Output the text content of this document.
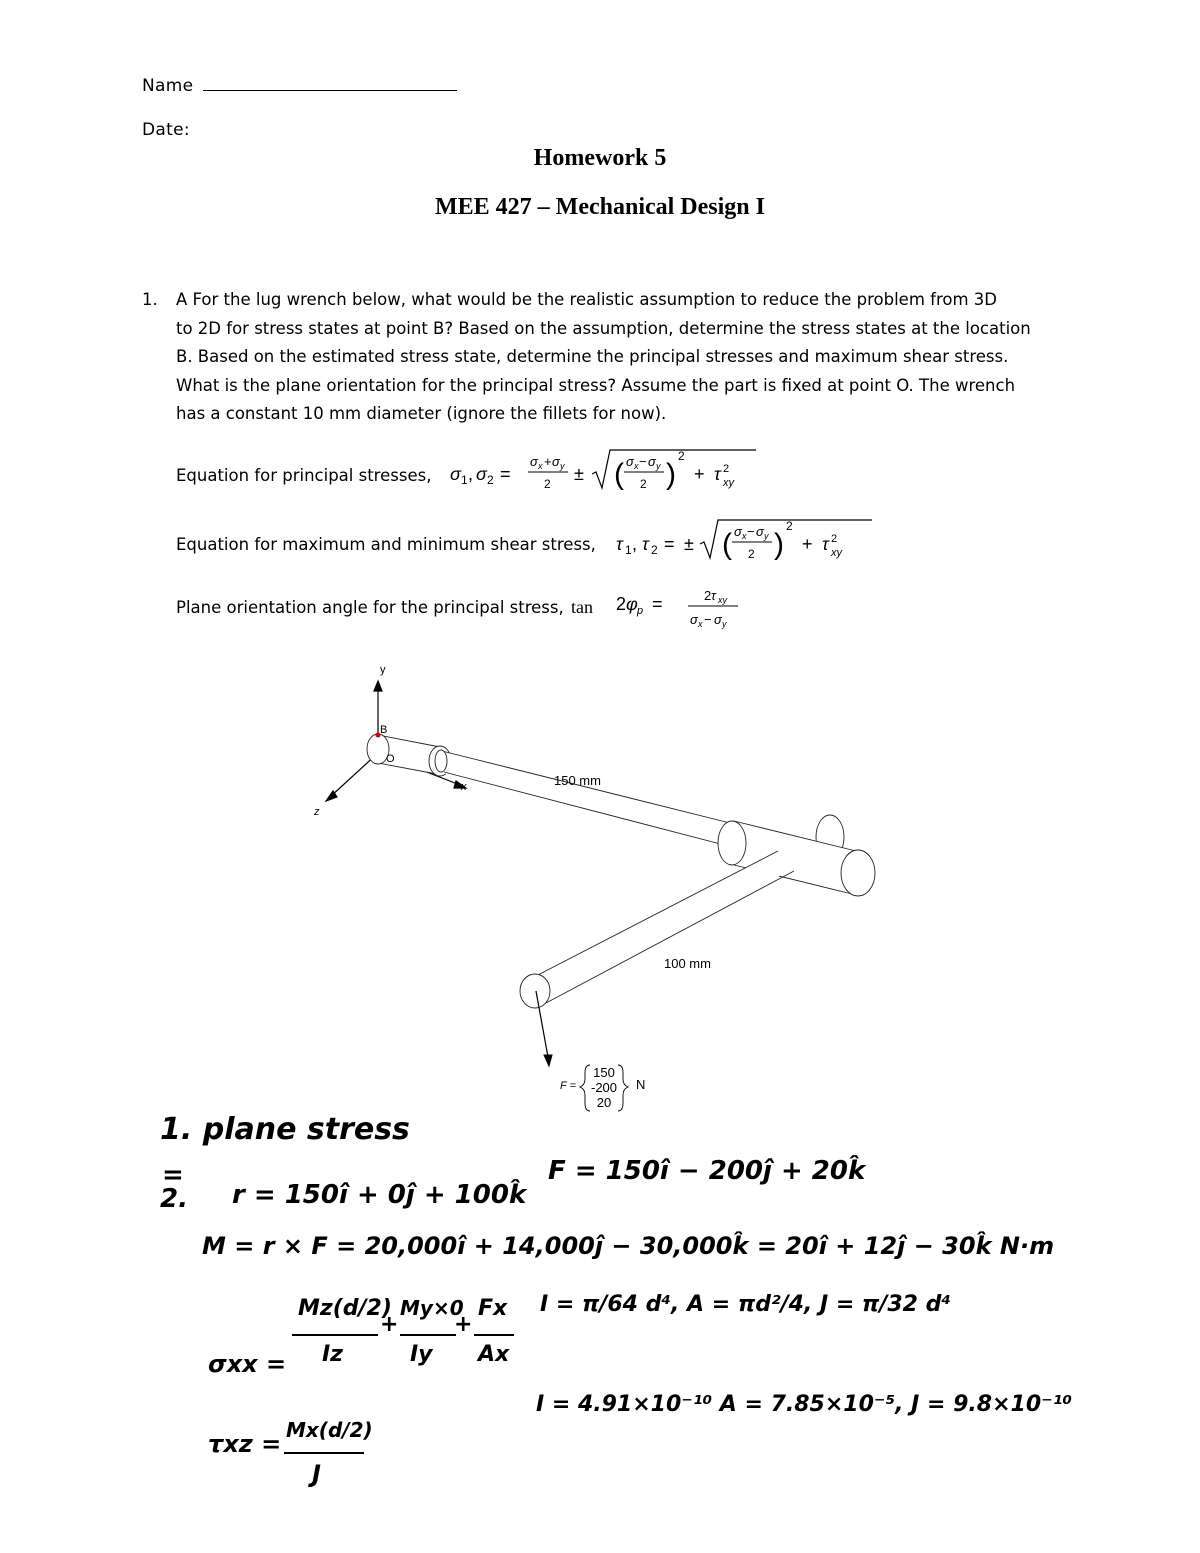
Name
Date:
Homework 5
MEE 427 – Mechanical Design I
1. A For the lug wrench below, what would be the realistic assumption to reduce the problem from 3D
to 2D for stress states at point B? Based on the assumption, determine the stress states at the location
B. Based on the estimated stress state, determine the principal stresses and maximum shear stress.
What is the plane orientation for the principal stress? Assume the part is fixed at point O. The wrench
has a constant 10 mm diameter (ignore the fillets for now).
Equation for principal stresses, σ 1 , σ 2 =
σ x + σ y
2 ± ( σ x − σ y
2 )
2
+ τ 2
xy
Equation for maximum and minimum shear stress, τ 1 , τ 2 = ± ( σ x − σ y
2 )
2
+ τ 2
xy
Plane orientation angle for the principal stress, tan 2 φ p =	2 τ xy
σ x − σ y
y
x
z
B
O
150 mm
100 mm
F =
150
-200
20
N
1. plane stress
=
2. r = 150î + 0ĵ + 100k̂
F = 150î − 200ĵ + 20k̂
M = r × F = 20,000î + 14,000ĵ − 30,000k̂ = 20î + 12ĵ − 30k̂ N·m
σxx =
Mz(d/2)
Iz
+
My×0
Iy
+
Fx
Ax
I = π/64 d⁴, A = πd²/4, J = π/32 d⁴
I = 4.91×10⁻¹⁰ A = 7.85×10⁻⁵, J = 9.8×10⁻¹⁰
τxz = Mx(d/2)
J
